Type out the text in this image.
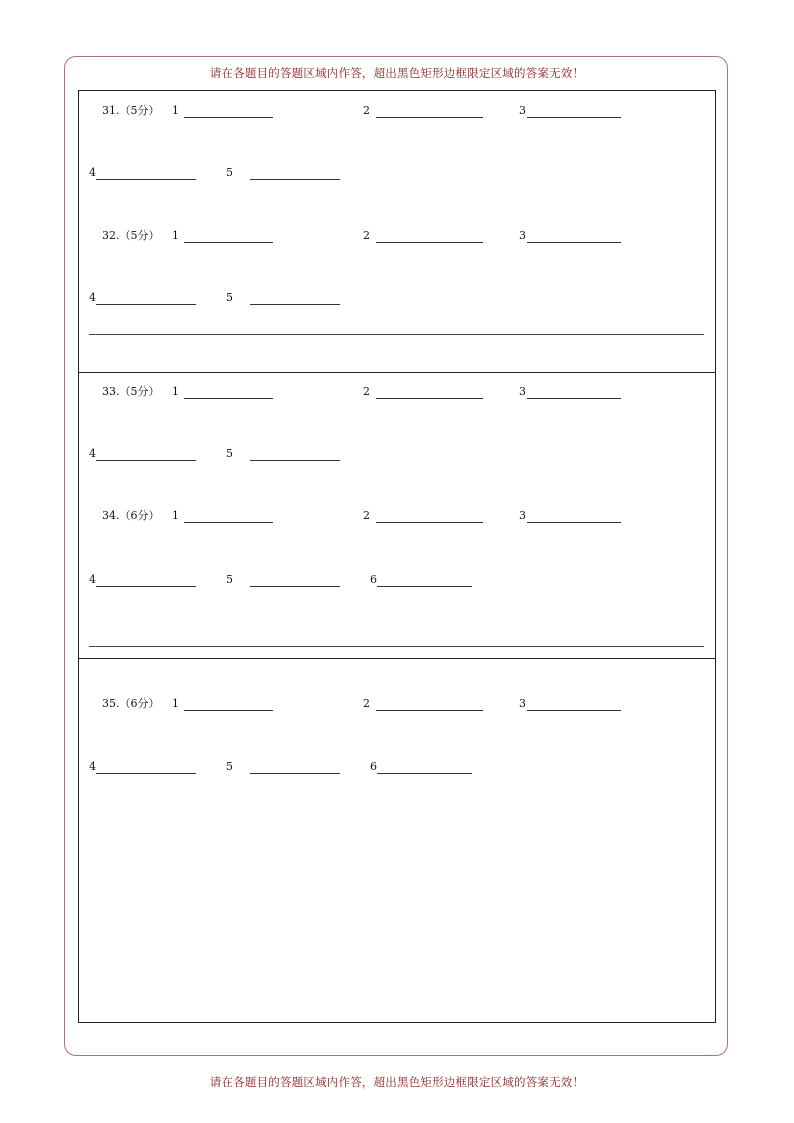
请在各题目的答题区域内作答，超出黑色矩形边框限定区域的答案无效！
31.（5分） 1	2	3
4	5
32.（5分） 1	2	3
4	5
33.（5分） 1	2	3
4	5
34.（6分） 1	2	3
4	5	6
35.（6分） 1	2	3
4	5	6
请在各题目的答题区域内作答，超出黑色矩形边框限定区域的答案无效！
